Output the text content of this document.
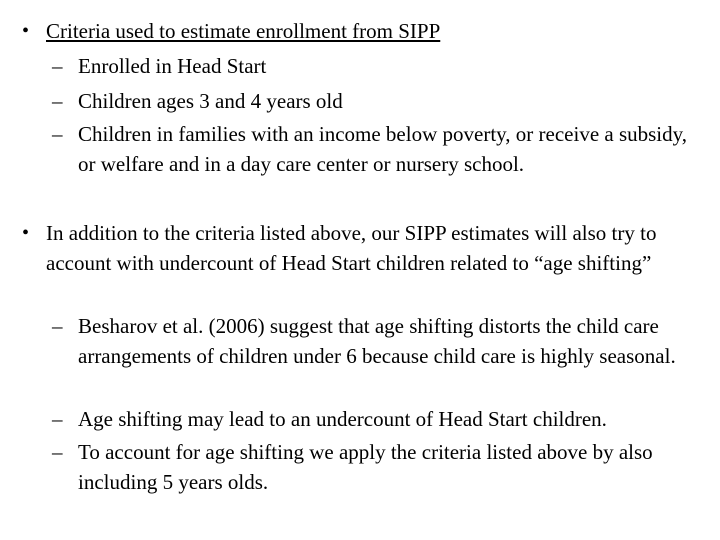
• Criteria used to estimate enrollment from SIPP
– Enrolled in Head Start
– Children ages 3 and 4 years old
– Children in families with an income below poverty, or receive a subsidy, or welfare and in a day care center or nursery school.
• In addition to the criteria listed above, our SIPP estimates will also try to account with undercount of Head Start children related to “age shifting”
– Besharov et al. (2006) suggest that age shifting distorts the child care arrangements of children under 6 because child care is highly seasonal.
– Age shifting may lead to an undercount of Head Start children.
– To account for age shifting we apply the criteria listed above by also including 5 years olds.
